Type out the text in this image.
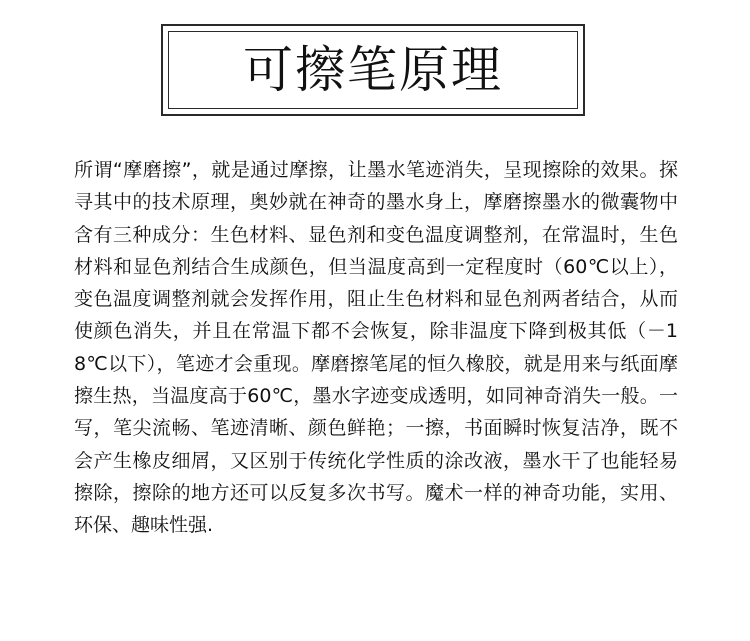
可擦笔原理

所谓“摩磨擦”，就是通过摩擦，让墨水笔迹消失，呈现擦除的效果。探寻其中的技术原理，奥妙就在神奇的墨水身上，摩磨擦墨水的微囊物中含有三种成分：生色材料、显色剂和变色温度调整剂，在常温时，生色材料和显色剂结合生成颜色，但当温度高到一定程度时（60℃以上），变色温度调整剂就会发挥作用，阻止生色材料和显色剂两者结合，从而使颜色消失，并且在常温下都不会恢复，除非温度下降到极其低（－18℃以下），笔迹才会重现。摩磨擦笔尾的恒久橡胶，就是用来与纸面摩擦生热，当温度高于60℃，墨水字迹变成透明，如同神奇消失一般。一写，笔尖流畅、笔迹清晰、颜色鲜艳；一擦，书面瞬时恢复洁净，既不会产生橡皮细屑，又区别于传统化学性质的涂改液，墨水干了也能轻易擦除，擦除的地方还可以反复多次书写。魔术一样的神奇功能，实用、环保、趣味性强.
